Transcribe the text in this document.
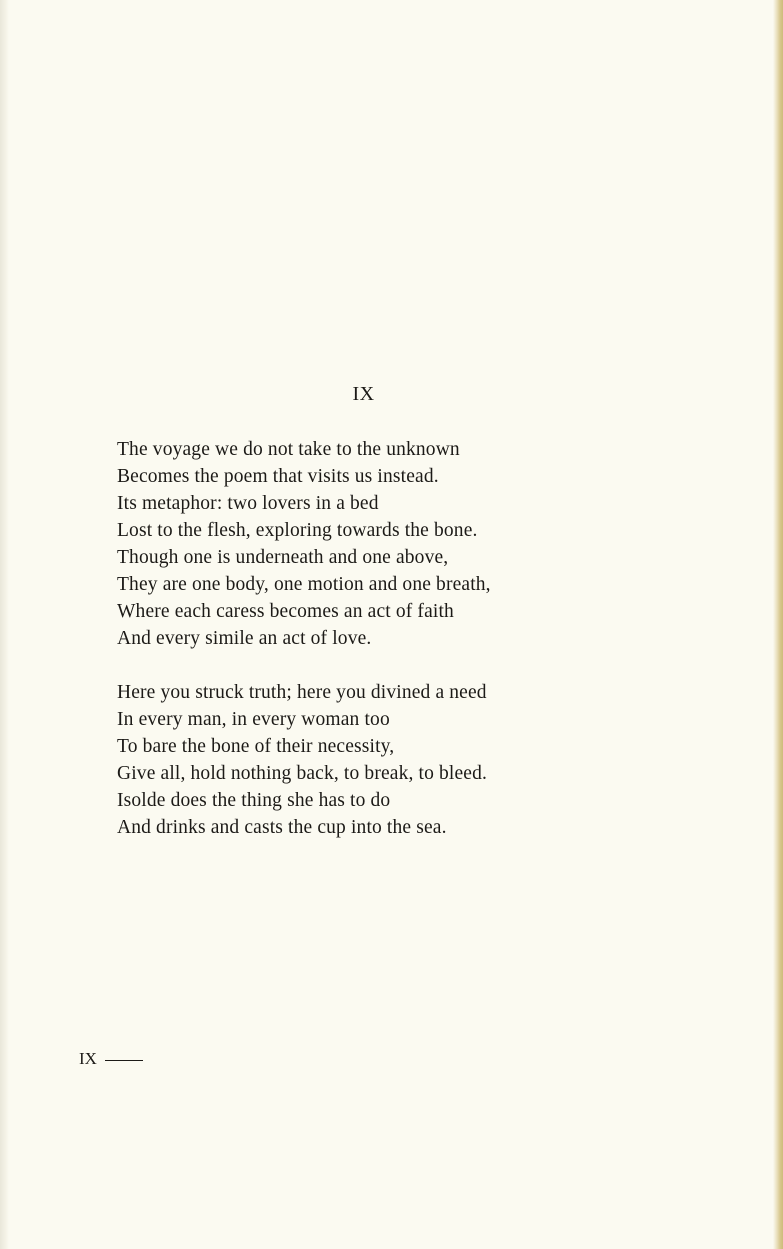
IX
The voyage we do not take to the unknown
Becomes the poem that visits us instead.
Its metaphor: two lovers in a bed
Lost to the flesh, exploring towards the bone.
Though one is underneath and one above,
They are one body, one motion and one breath,
Where each caress becomes an act of faith
And every simile an act of love.
Here you struck truth; here you divined a need
In every man, in every woman too
To bare the bone of their necessity,
Give all, hold nothing back, to break, to bleed.
Isolde does the thing she has to do
And drinks and casts the cup into the sea.
IX
